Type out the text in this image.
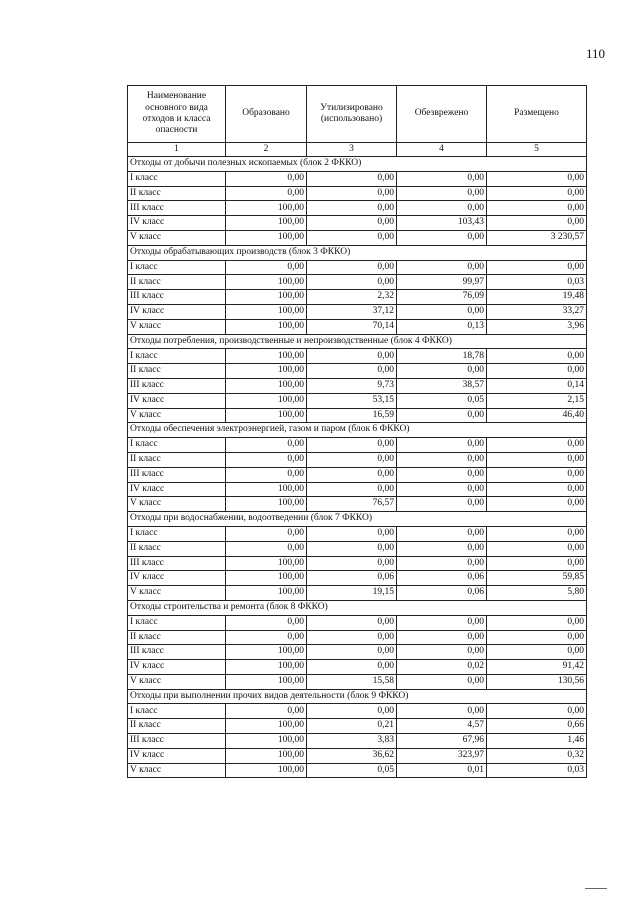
110
Наименование основного вида отходов и класса опасности	Образовано	Утилизировано (использовано)	Обезврежено	Размещено
1	2	3	4	5
Отходы от добычи полезных ископаемых (блок 2 ФККО)				
I класс	0,00	0,00	0,00	0,00
II класс	0,00	0,00	0,00	0,00
III класс	100,00	0,00	0,00	0,00
IV класс	100,00	0,00	103,43	0,00
V класс	100,00	0,00	0,00	3 230,57
Отходы обрабатывающих производств (блок 3 ФККО)				
I класс	0,00	0,00	0,00	0,00
II класс	100,00	0,00	99,97	0,03
III класс	100,00	2,32	76,09	19,48
IV класс	100,00	37,12	0,00	33,27
V класс	100,00	70,14	0,13	3,96
Отходы потребления, производственные и непроизводственные (блок 4 ФККО)				
I класс	100,00	0,00	18,78	0,00
II класс	100,00	0,00	0,00	0,00
III класс	100,00	9,73	38,57	0,14
IV класс	100,00	53,15	0,05	2,15
V класс	100,00	16,59	0,00	46,40
Отходы обеспечения электроэнергией, газом и паром (блок 6 ФККО)				
I класс	0,00	0,00	0,00	0,00
II класс	0,00	0,00	0,00	0,00
III класс	0,00	0,00	0,00	0,00
IV класс	100,00	0,00	0,00	0,00
V класс	100,00	76,57	0,00	0,00
Отходы при водоснабжении, водоотведении (блок 7 ФККО)				
I класс	0,00	0,00	0,00	0,00
II класс	0,00	0,00	0,00	0,00
III класс	100,00	0,00	0,00	0,00
IV класс	100,00	0,06	0,06	59,85
V класс	100,00	19,15	0,06	5,80
Отходы строительства и ремонта (блок 8 ФККО)				
I класс	0,00	0,00	0,00	0,00
II класс	0,00	0,00	0,00	0,00
III класс	100,00	0,00	0,00	0,00
IV класс	100,00	0,00	0,02	91,42
V класс	100,00	15,58	0,00	130,56
Отходы при выполнении прочих видов деятельности (блок 9 ФККО)				
I класс	0,00	0,00	0,00	0,00
II класс	100,00	0,21	4,57	0,66
III класс	100,00	3,83	67,96	1,46
IV класс	100,00	36,62	323,97	0,32
V класс	100,00	0,05	0,01	0,03
